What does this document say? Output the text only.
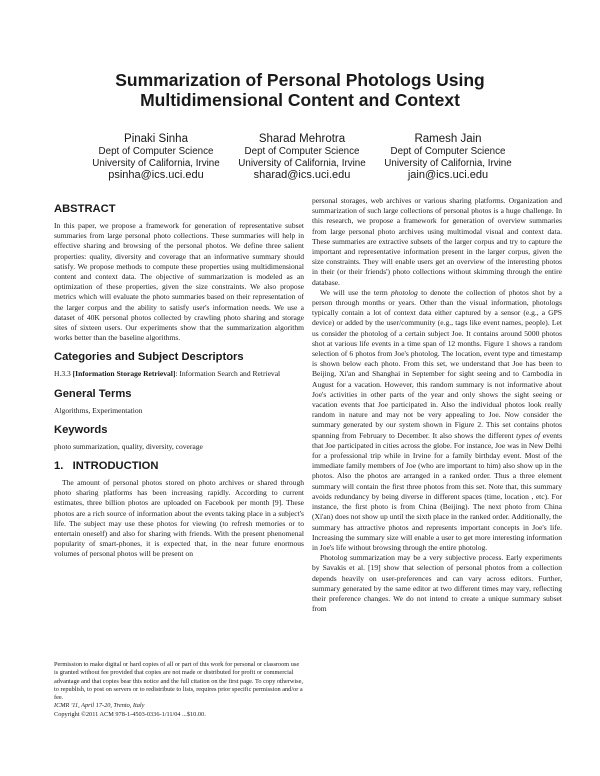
Summarization of Personal Photologs Using
Multidimensional Content and Context
Pinaki Sinha
Dept of Computer Science
University of California, Irvine
psinha@ics.uci.edu
Sharad Mehrotra
Dept of Computer Science
University of California, Irvine
sharad@ics.uci.edu
Ramesh Jain
Dept of Computer Science
University of California, Irvine
jain@ics.uci.edu
ABSTRACT

In this paper, we propose a framework for generation of representative subset summaries from large personal photo collections. These summaries will help in effective sharing and browsing of the personal photos. We define three salient properties: quality, diversity and coverage that an informative summary should satisfy. We propose methods to compute these properties using multidimensional content and context data. The objective of summarization is modeled as an optimization of these properties, given the size constraints. We also propose metrics which will evaluate the photo summaries based on their representation of the larger corpus and the ability to satisfy user's information needs. We use a dataset of 40K personal photos collected by crawling photo sharing and storage sites of sixteen users. Our experiments show that the summarization algorithm works better than the baseline algorithms.

Categories and Subject Descriptors

H.3.3 [Information Storage Retrieval]: Information Search and Retrieval

General Terms

Algorithms, Experimentation

Keywords

photo summarization, quality, diversity, coverage

1.   INTRODUCTION

The amount of personal photos stored on photo archives or shared through photo sharing platforms has been increasing rapidly. According to current estimates, three billion photos are uploaded on Facebook per month [9]. These photos are a rich source of information about the events taking place in a subject's life. The subject may use these photos for viewing (to refresh memories or to entertain oneself) and also for sharing with friends. With the present phenomenal popularity of smart-phones, it is expected that, in the near future enormous volumes of personal photos will be present on

Permission to make digital or hard copies of all or part of this work for personal or classroom use is granted without fee provided that copies are not made or distributed for profit or commercial advantage and that copies bear this notice and the full citation on the first page. To copy otherwise, to republish, to post on servers or to redistribute to lists, requires prior specific permission and/or a fee.

ICMR '11, April 17-20, Trento, Italy

Copyright ©2011 ACM 978-1-4503-0336-1/11/04 ...$10.00.

personal storages, web archives or various sharing platforms. Organization and summarization of such large collections of personal photos is a huge challenge. In this research, we propose a framework for generation of overview summaries from large personal photo archives using multimodal visual and context data. These summaries are extractive subsets of the larger corpus and try to capture the important and representative information present in the larger corpus, given the size constraints. They will enable users get an overview of the interesting photos in their (or their friends') photo collections without skimming through the entire database.

We will use the term photolog to denote the collection of photos shot by a person through months or years. Other than the visual information, photologs typically contain a lot of context data either captured by a sensor (e.g., a GPS device) or added by the user/community (e.g., tags like event names, people). Let us consider the photolog of a certain subject Joe. It contains around 5000 photos shot at various life events in a time span of 12 months. Figure 1 shows a random selection of 6 photos from Joe's photolog. The location, event type and timestamp is shown below each photo. From this set, we understand that Joe has been to Beijing, Xi'an and Shanghai in September for sight seeing and to Cambodia in August for a vacation. However, this random summary is not informative about Joe's activities in other parts of the year and only shows the sight seeing or vacation events that Joe participated in. Also the individual photos look really random in nature and may not be very appealing to Joe. Now consider the summary generated by our system shown in Figure 2. This set contains photos spanning from February to December. It also shows the different types of events that Joe participated in cities across the globe. For instance, Joe was in New Delhi for a professional trip while in Irvine for a family birthday event. Most of the immediate family members of Joe (who are important to him) also show up in the photos. Also the photos are arranged in a ranked order. Thus a three element summary will contain the first three photos from this set. Note that, this summary avoids redundancy by being diverse in different spaces (time, location , etc). For instance, the first photo is from China (Beijing). The next photo from China (Xi'an) does not show up until the sixth place in the ranked order. Additionally, the summary has attractive photos and represents important concepts in Joe's life. Increasing the summary size will enable a user to get more interesting information in Joe's life without browsing through the entire photolog.

Photolog summarization may be a very subjective process. Early experiments by Savakis et al. [19] show that selection of personal photos from a collection depends heavily on user-preferences and can vary across editors. Further, summary generated by the same editor at two different times may vary, reflecting their preference changes. We do not intend to create a unique summary subset from
